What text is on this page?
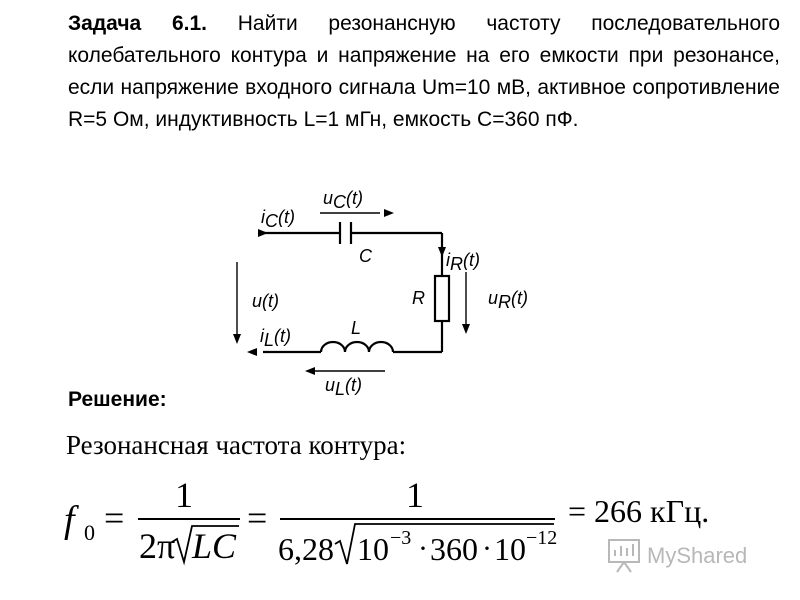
Задача 6.1. Найти резонансную частоту последовательного колебательного контура и напряжение на его емкости при резонансе, если напряжение входного сигнала Um=10 мВ, активное сопротивление R=5 Ом, индуктивность L=1 мГн, емкость C=360 пФ.

uC(t)
iC(t)
C	iR(t)
u(t)	R	uR(t)
L
iL(t)
uL(t)

Решение:

Резонансная частота контура:

f 0 =
1
2π LC
=
1
6,28 10 −3 · 360 · 10 −12
= 266 кГц.
MyShared
